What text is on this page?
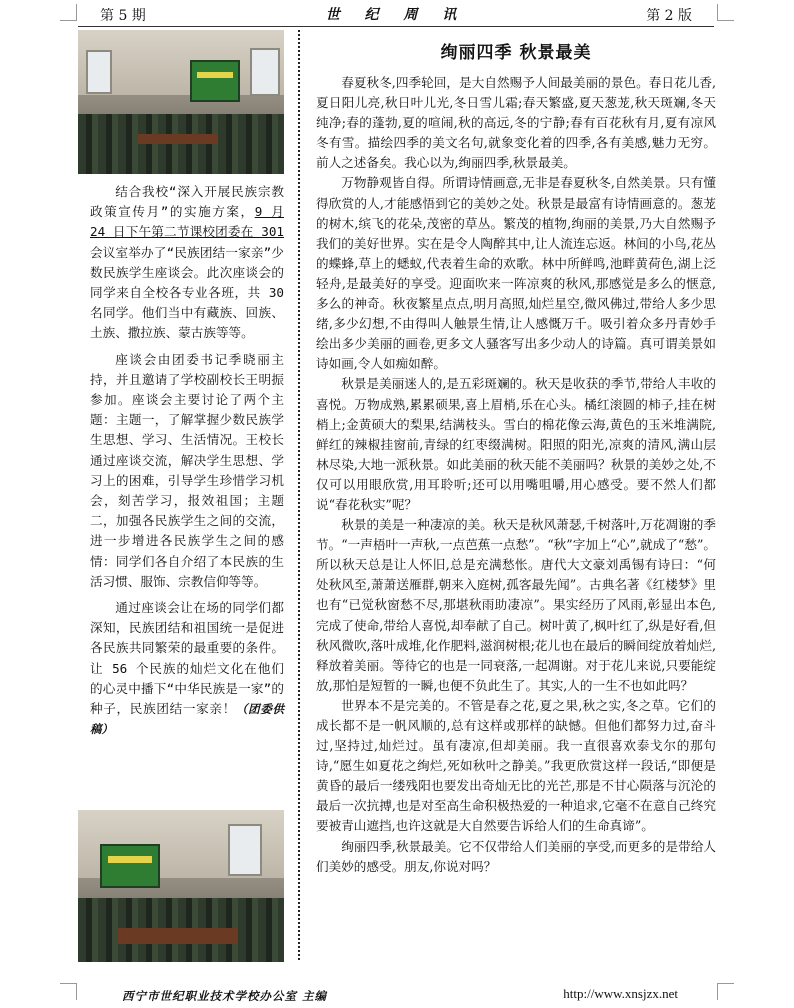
第 5 期	世 纪 周 讯	第 2 版

结合我校“深入开展民族宗教政策宣传月”的实施方案，9 月 24 日下午第二节课校团委在 301会议室举办了“民族团结一家亲”少数民族学生座谈会。此次座谈会的同学来自全校各专业各班，共 30 名同学。他们当中有藏族、回族、土族、撒拉族、蒙古族等等。

座谈会由团委书记季晓丽主持，并且邀请了学校副校长王明振参加。座谈会主要讨论了两个主题：主题一，了解掌握少数民族学生思想、学习、生活情况。王校长通过座谈交流，解决学生思想、学习上的困难，引导学生珍惜学习机会，刻苦学习，报效祖国；主题二，加强各民族学生之间的交流，进一步增进各民族学生之间的感情：同学们各自介绍了本民族的生活习惯、服饰、宗教信仰等等。

通过座谈会让在场的同学们都深知，民族团结和祖国统一是促进各民族共同繁荣的最重要的条件。让 56 个民族的灿烂文化在他们的心灵中播下“中华民族是一家”的种子，民族团结一家亲！（团委供稿）

绚丽四季 秋景最美

春夏秋冬,四季轮回，是大自然赐予人间最美丽的景色。春日花儿香,夏日阳儿亮,秋日叶儿光,冬日雪儿霜;春天繁盛,夏天葱茏,秋天斑斓,冬天纯净;春的蓬勃,夏的喧闹,秋的高远,冬的宁静;春有百花秋有月,夏有凉风冬有雪。描绘四季的美文名句,就象变化着的四季,各有美感,魅力无穷。前人之述备矣。我心以为,绚丽四季,秋景最美。

万物静观皆自得。所谓诗情画意,无非是春夏秋冬,自然美景。只有懂得欣赏的人,才能感悟到它的美妙之处。秋景是最富有诗情画意的。葱茏的树木,缤飞的花朵,茂密的草丛。繁茂的植物,绚丽的美景,乃大自然赐予我们的美好世界。实在是令人陶醉其中,让人流连忘返。林间的小鸟,花丛的蝶蜂,草上的蟋蚁,代表着生命的欢歌。林中所鲜鸣,池畔黄荷色,湖上泛轻舟,是最美好的享受。迎面吹来一阵凉爽的秋风,那感觉是多么的惬意,多么的神奇。秋夜繁星点点,明月高照,灿烂星空,微风佛过,带给人多少思绪,多少幻想,不由得叫人触景生情,让人感慨万千。吸引着众多丹青妙手绘出多少美丽的画卷,更多文人骚客写出多少动人的诗篇。真可谓美景如诗如画,令人如痴如醉。

秋景是美丽迷人的,是五彩斑斓的。秋天是收获的季节,带给人丰收的喜悦。万物成熟,累累硕果,喜上眉梢,乐在心头。橘红滚圆的柿子,挂在树梢上;金黄硕大的梨果,结满枝头。雪白的棉花像云海,黄色的玉米堆满院,鲜红的辣椒挂窗前,青绿的红枣缀满树。阳照的阳光,凉爽的清风,满山层林尽染,大地一派秋景。如此美丽的秋天能不美丽吗？秋景的美妙之处,不仅可以用眼欣赏,用耳聆听;还可以用嘴咀嚼,用心感受。要不然人们都说“春花秋实”呢？

秋景的美是一种凄凉的美。秋天是秋风萧瑟,千树落叶,万花凋谢的季节。“一声梧叶一声秋,一点芭蕉一点愁”。“秋”字加上“心”,就成了“愁”。所以秋天总是让人怀旧,总是充满愁怅。唐代大文豪刘禹锡有诗曰：“何处秋风至,萧萧送雁群,朝来入庭树,孤客最先闻”。古典名著《红楼梦》里也有“已觉秋窗愁不尽,那堪秋雨助凄凉”。果实经历了风雨,彰显出本色,完成了使命,带给人喜悦,却奉献了自己。树叶黄了,枫叶红了,纵是好看,但秋风微吹,落叶成堆,化作肥料,滋润树根;花儿也在最后的瞬间绽放着灿烂,释放着美丽。等待它的也是一同衰落,一起凋谢。对于花儿来说,只要能绽放,那怕是短暂的一瞬,也便不负此生了。其实,人的一生不也如此吗？

世界本不是完美的。不管是春之花,夏之果,秋之实,冬之草。它们的成长都不是一帆风顺的,总有这样或那样的缺憾。但他们都努力过,奋斗过,坚持过,灿烂过。虽有凄凉,但却美丽。我一直很喜欢泰戈尔的那句诗,“愿生如夏花之绚烂,死如秋叶之静美。”我更欣赏这样一段话,“即便是黄昏的最后一缕残阳也要发出奇灿无比的光芒,那是不甘心陨落与沉沦的最后一次抗搏,也是对至高生命积极热爱的一种追求,它毫不在意自己终究要被青山遮挡,也许这就是大自然要告诉给人们的生命真谛”。

绚丽四季,秋景最美。它不仅带给人们美丽的享受,而更多的是带给人们美妙的感受。朋友,你说对吗？

西宁市世纪职业技术学校办公室 主编	http://www.xnsjzx.net
